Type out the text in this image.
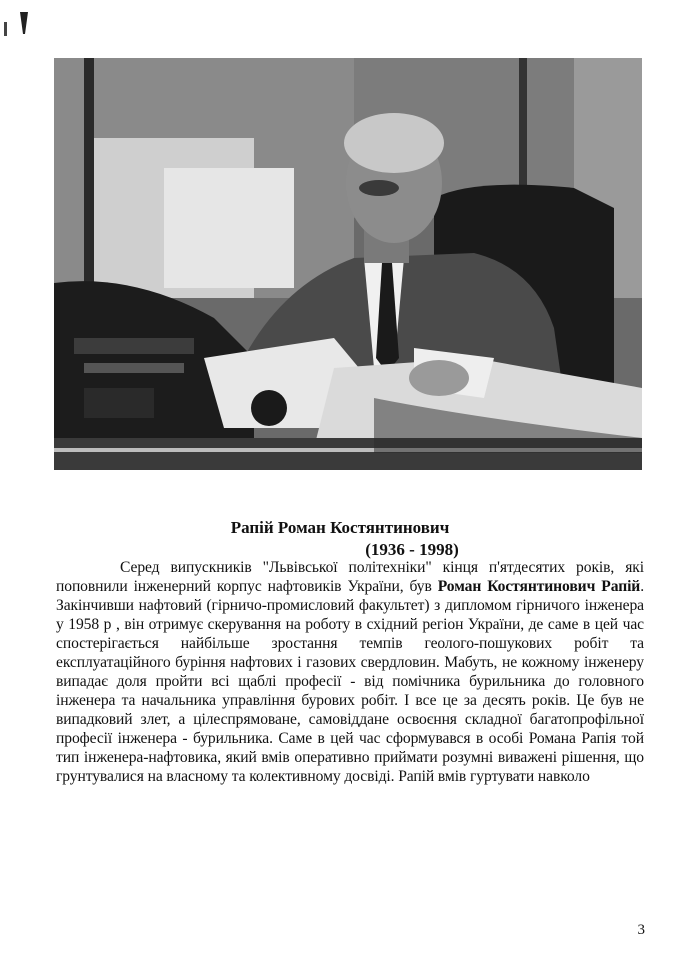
Рапій Роман Костянтинович
(1936 - 1998)

Серед випускників "Львівської політехніки" кінця п'ятдесятих років, які поповнили інженерний корпус нафтовиків України, був Роман Костянтинович Рапій. Закінчивши нафтовий (гірничо-промисловий факультет) з дипломом гірничого інженера у 1958 р , він отримує скерування на роботу в східний регіон України, де саме в цей час спостерігається найбільше зростання темпів геолого-пошукових робіт та експлуатаційного буріння нафтових і газових свердловин. Мабуть, не кожному інженеру випадає доля пройти всі щаблі професії - від помічника бурильника до головного інженера та начальника управління бурових робіт. І все це за десять років. Це був не випадковий злет, а цілеспрямоване, самовіддане освоєння складної багатопрофільної професії інженера - бурильника. Саме в цей час сформувався в особі Романа Рапія той тип інженера-нафтовика, який вмів оперативно приймати розумні виважені рішення, що грунтувалися на власному та колективному досвіді. Рапій вмів гуртувати навколо

3
